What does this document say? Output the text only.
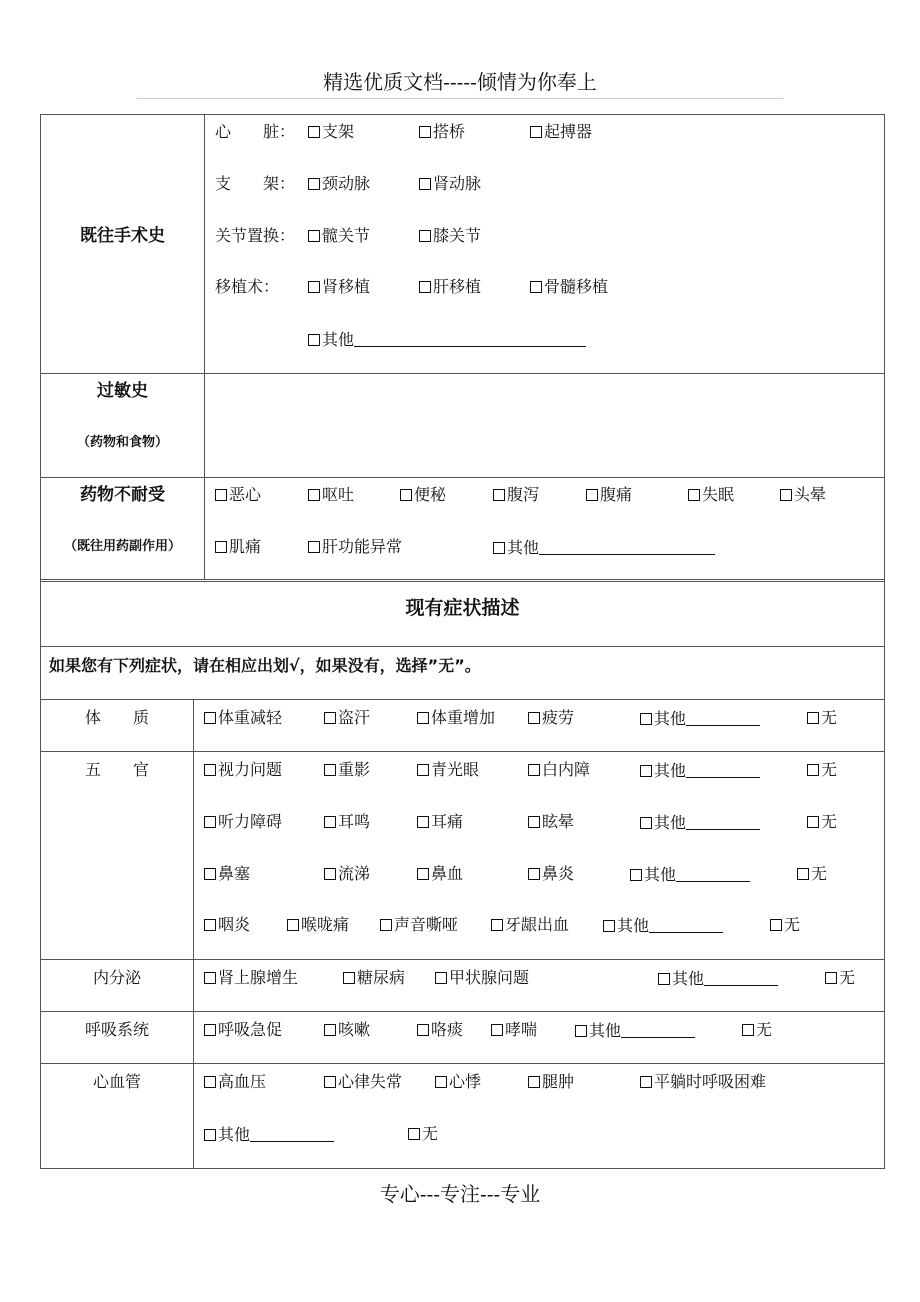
精选优质文档-----倾情为你奉上
既往手术史
心　　脏：	支架	搭桥	起搏器
支　　架：	颈动脉	肾动脉
关节置换：	髋关节	膝关节
移植术：	肾移植	肝移植	骨髓移植
其他
过敏史
（药物和食物）
药物不耐受
（既往用药副作用）
恶心	呕吐	便秘	腹泻	腹痛	失眠	头晕
肌痛	肝功能异常	其他
现有症状描述
如果您有下列症状，请在相应出划√，如果没有，选择”无”。
体　　质	体重减轻	盗汗	体重增加	疲劳	其他	无
五　　官	视力问题	重影	青光眼	白内障	其他	无
听力障碍	耳鸣	耳痛	眩晕	其他	无
鼻塞	流涕	鼻血	鼻炎	其他	无
咽炎	喉咙痛	声音嘶哑	牙龈出血	其他	无
内分泌	肾上腺增生	糖尿病	甲状腺问题	其他	无
呼吸系统	呼吸急促	咳嗽	咯痰	哮喘	其他	无
心血管	高血压	心律失常	心悸	腿肿	平躺时呼吸困难
其他	无
专心---专注---专业
